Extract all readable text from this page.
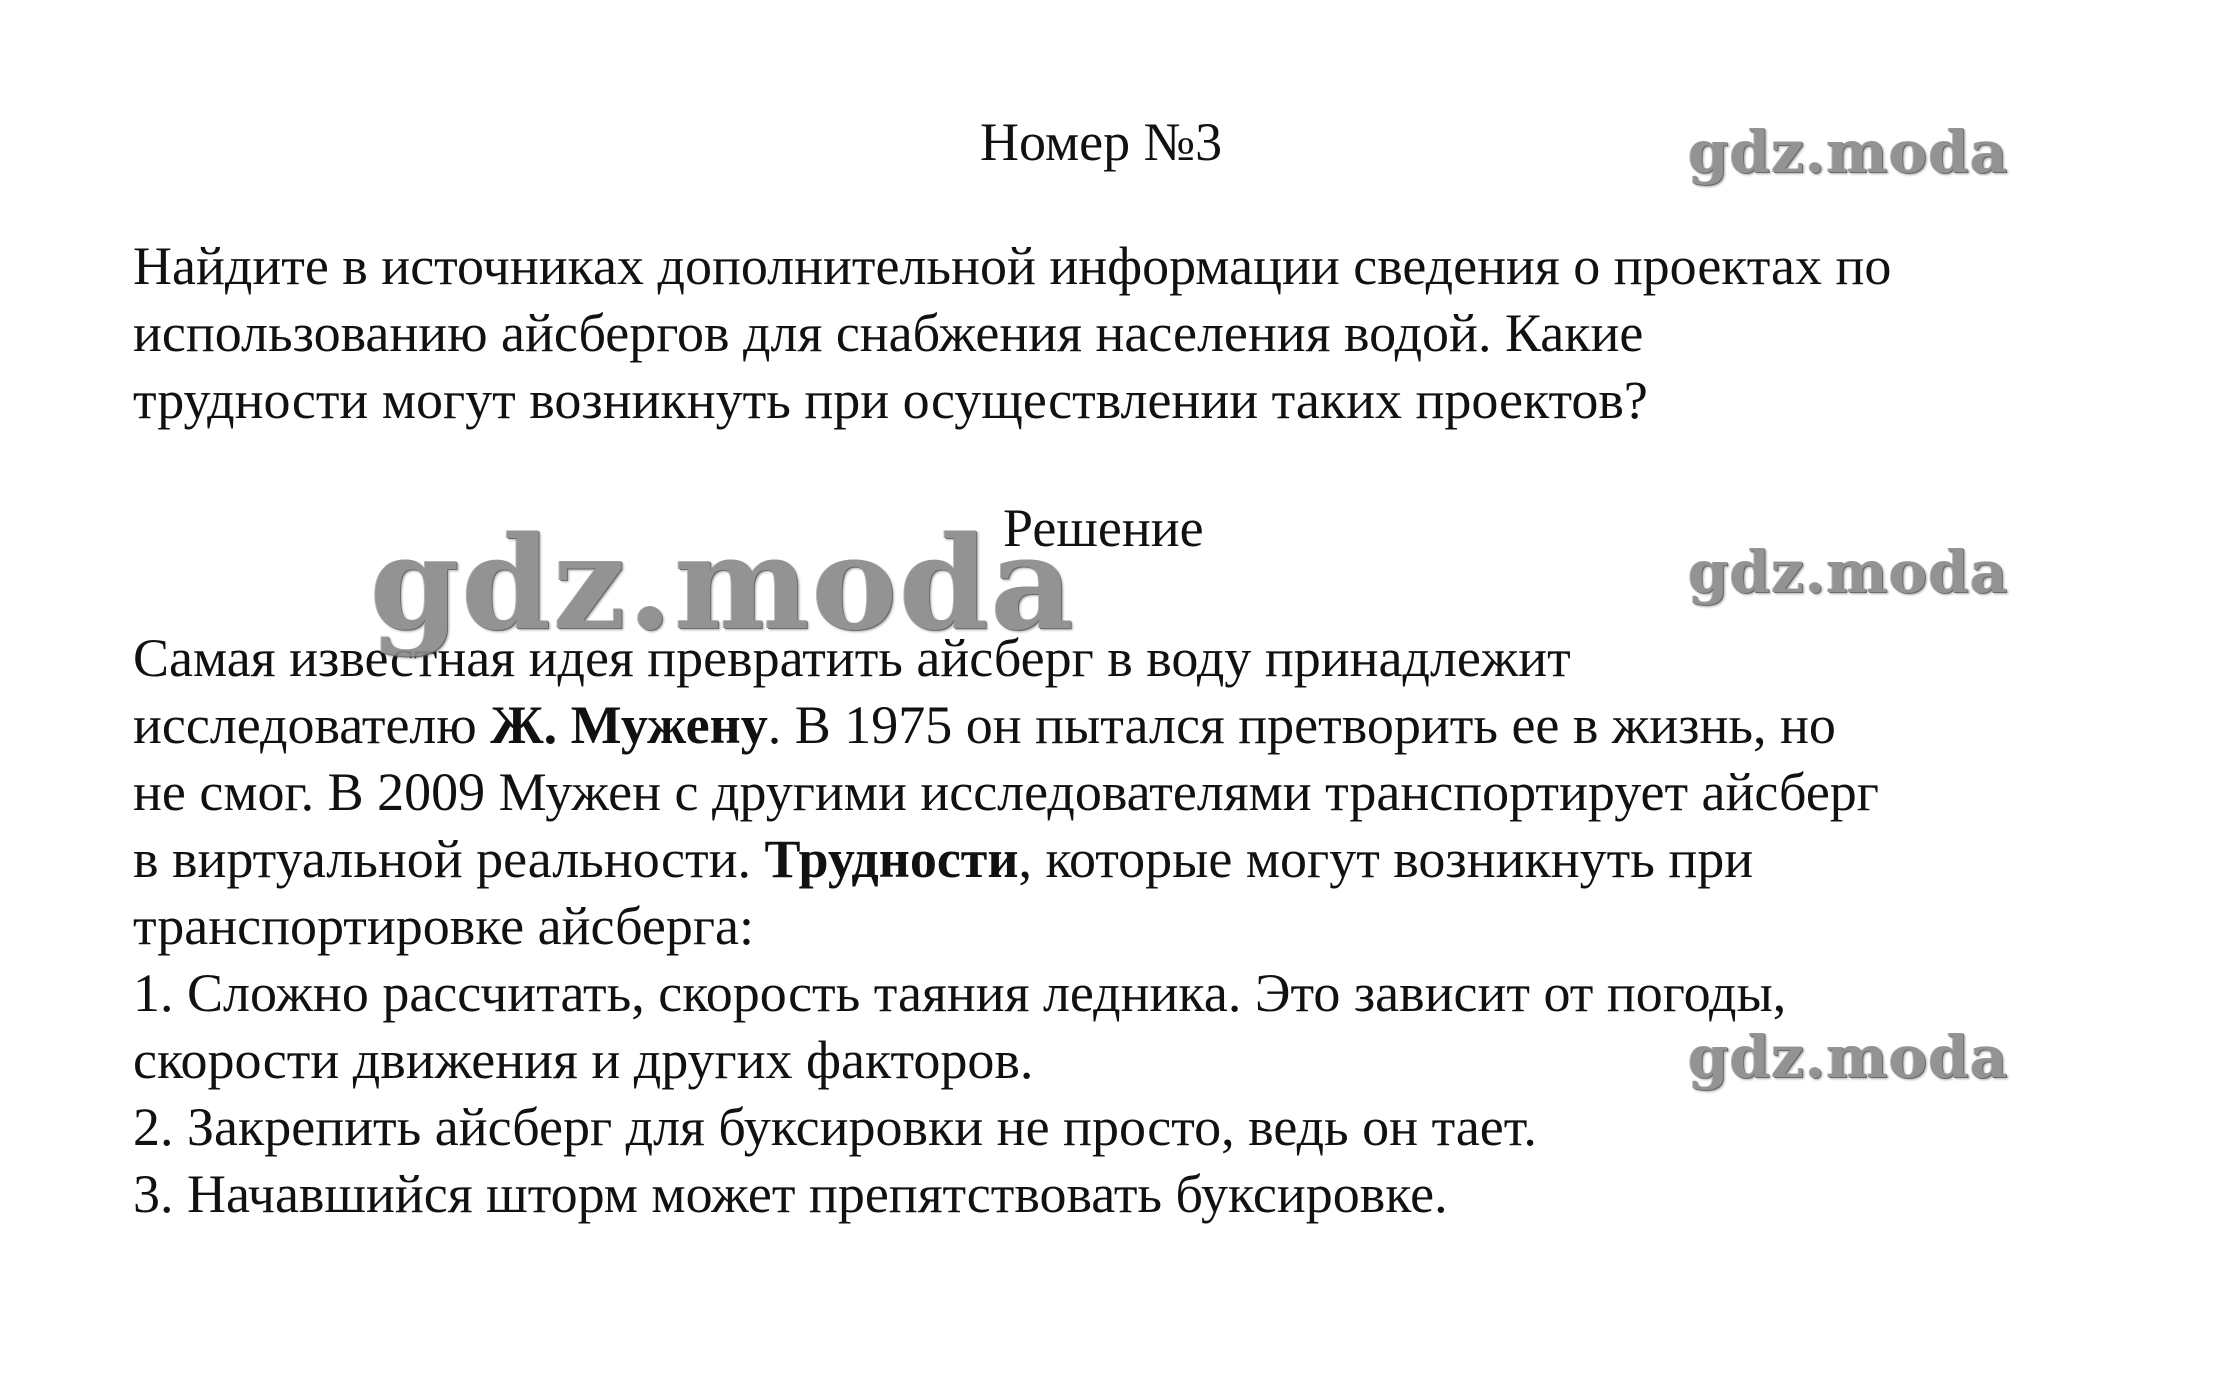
Номер №3
Найдите в источниках дополнительной информации сведения о проектах по
использованию айсбергов для снабжения населения водой. Какие
трудности могут возникнуть при осуществлении таких проектов?
Решение
Самая известная идея превратить айсберг в воду принадлежит
исследователю Ж. Мужену. В 1975 он пытался претворить ее в жизнь, но
не смог. В 2009 Мужен с другими исследователями транспортирует айсберг
в виртуальной реальности. Трудности, которые могут возникнуть при
транспортировке айсберга:
1. Сложно рассчитать, скорость таяния ледника. Это зависит от погоды,
скорости движения и других факторов.
2. Закрепить айсберг для буксировки не просто, ведь он тает.
3. Начавшийся шторм может препятствовать буксировке.
gdz.moda
gdz.moda	gdz.moda
gdz.moda
